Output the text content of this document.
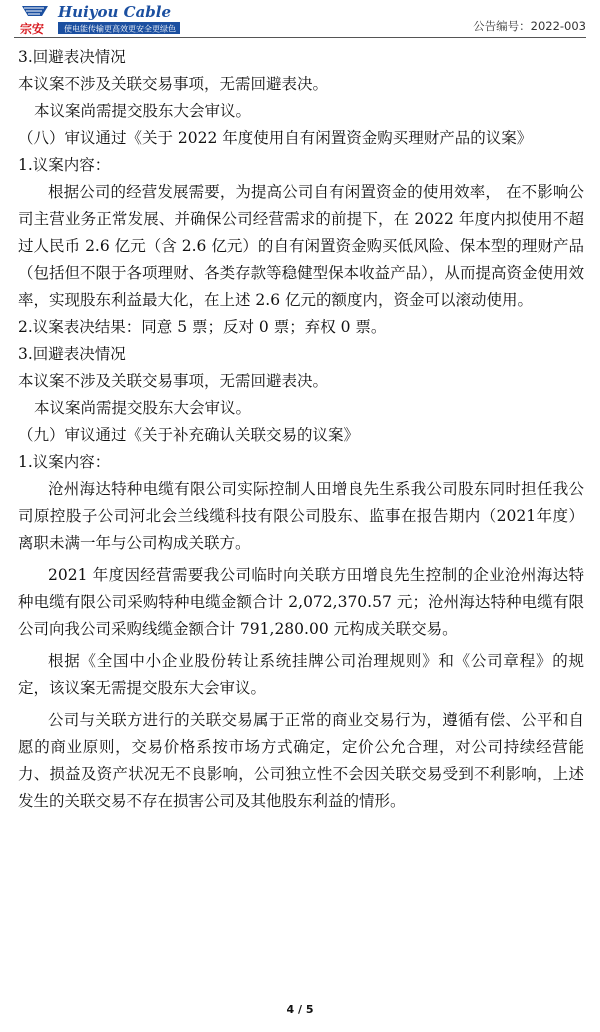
宗安
Huiyou Cable
使电能传输更高效更安全更绿色	公告编号：2022-003

3.回避表决情况

本议案不涉及关联交易事项，无需回避表决。

本议案尚需提交股东大会审议。

（八）审议通过《关于 2022 年度使用自有闲置资金购买理财产品的议案》

1.议案内容：

根据公司的经营发展需要，为提高公司自有闲置资金的使用效率， 在不影响公司主营业务正常发展、并确保公司经营需求的前提下，在 2022 年度内拟使用不超过人民币 2.6 亿元（含 2.6 亿元）的自有闲置资金购买低风险、保本型的理财产品（包括但不限于各项理财、各类存款等稳健型保本收益产品），从而提高资金使用效率，实现股东利益最大化，在上述 2.6 亿元的额度内，资金可以滚动使用。

2.议案表决结果：同意 5 票；反对 0 票；弃权 0 票。

3.回避表决情况

本议案不涉及关联交易事项，无需回避表决。

本议案尚需提交股东大会审议。

（九）审议通过《关于补充确认关联交易的议案》

1.议案内容：

沧州海达特种电缆有限公司实际控制人田增良先生系我公司股东同时担任我公司原控股子公司河北会兰线缆科技有限公司股东、监事在报告期内（2021年度）离职未满一年与公司构成关联方。

2021 年度因经营需要我公司临时向关联方田增良先生控制的企业沧州海达特种电缆有限公司采购特种电缆金额合计 2,072,370.57 元；沧州海达特种电缆有限公司向我公司采购线缆金额合计 791,280.00 元构成关联交易。

根据《全国中小企业股份转让系统挂牌公司治理规则》和《公司章程》的规定，该议案无需提交股东大会审议。

公司与关联方进行的关联交易属于正常的商业交易行为，遵循有偿、公平和自愿的商业原则，交易价格系按市场方式确定，定价公允合理，对公司持续经营能力、损益及资产状况无不良影响，公司独立性不会因关联交易受到不利影响，上述发生的关联交易不存在损害公司及其他股东利益的情形。

4 / 5
